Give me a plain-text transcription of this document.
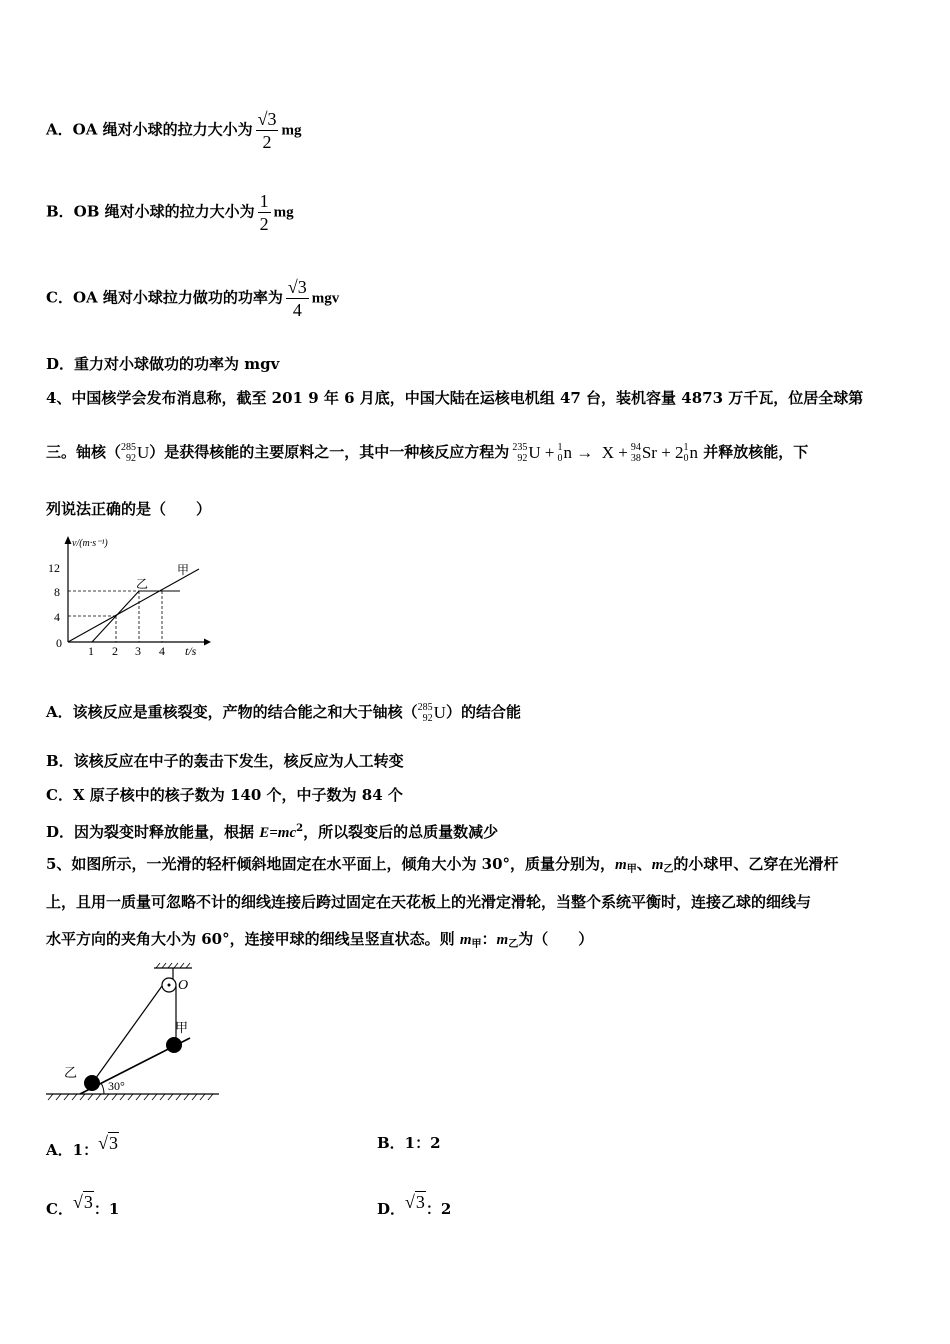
A．OA 绳对小球的拉力大小为 $\frac{√3}{2}$ mg
B．OB 绳对小球的拉力大小为 $\frac{1}{2}$ mg
C．OA 绳对小球拉力做功的功率为 $\frac{√3}{4}$ mgv
D．重力对小球做功的功率为 mgv
4、中国核学会发布消息称，截至 201 9 年 6 月底，中国大陆在运核电机组 47 台，装机容量 4873 万千瓦，位居全球第
三。铀核（ 285
92 U ）是获得核能的主要原料之一，其中一种核反应方程为 235
92 U
+ 1
0 n
→
X + 94
38 Sr
+ 2 1
0 n 并释放核能，下
列说法正确的是（　　）
v/(m·s⁻¹)
t/s
12
8
4
0
1 2 3 4
乙
甲
A．该核反应是重核裂变，产物的结合能之和大于铀核（ 285
92 U ）的结合能
B．该核反应在中子的轰击下发生，核反应为人工转变
C．X 原子核中的核子数为 140 个，中子数为 84 个
D．因为裂变时释放能量，根据 $E=mc^2$，所以裂变后的总质量数减少
5、如图所示，一光滑的轻杆倾斜地固定在水平面上，倾角大小为 30°，质量分别为，$m_甲$、$m_乙$的小球甲、乙穿在光滑杆
上，且用一质量可忽略不计的细线连接后跨过固定在天花板上的光滑定滑轮，当整个系统平衡时，连接乙球的细线与
水平方向的夹角大小为 60°，连接甲球的细线呈竖直状态。则 $m_甲$：$m_乙$为（　　）
O
30°
乙
甲
A．1：√3	B．1：2
C．√3：1	D．√3：2
